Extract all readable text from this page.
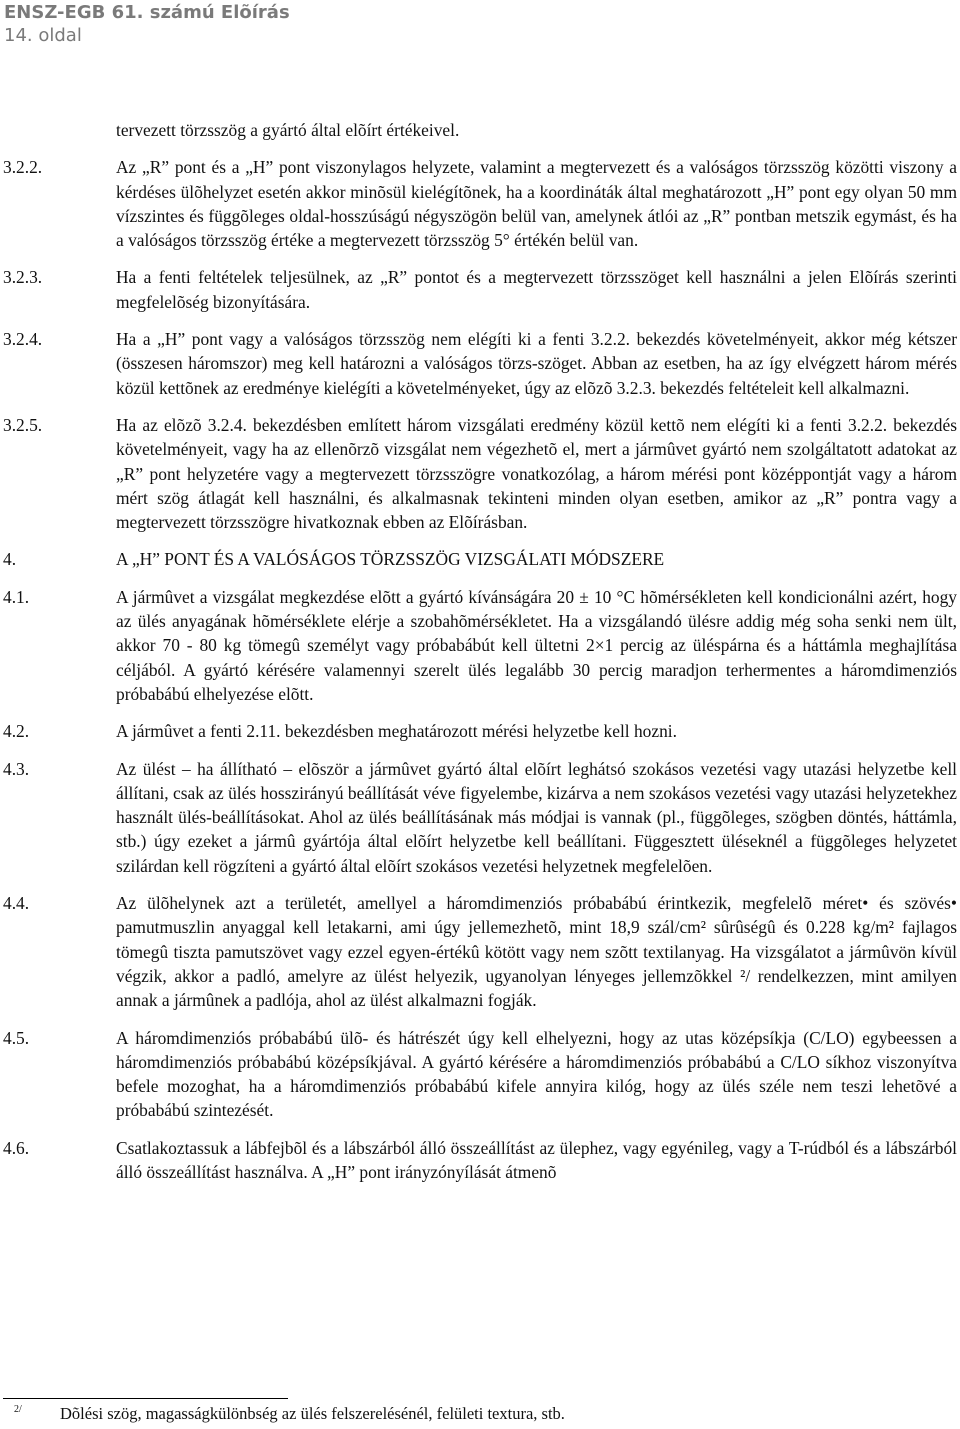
ENSZ-EGB 61. számú Elõírás
14. oldal
tervezett törzsszög a gyártó által elõírt értékeivel.
3.2.2.	Az „R” pont és a „H” pont viszonylagos helyzete, valamint a megtervezett és a valóságos törzsszög közötti viszony a kérdéses ülõhelyzet esetén akkor minõsül kielégítõnek, ha a koordináták által meghatározott „H” pont egy olyan 50 mm vízszintes és függõleges oldal-hosszúságú négyszögön belül van, amelynek átlói az „R” pontban metszik egymást, és ha a valóságos törzsszög értéke a megtervezett törzsszög 5° értékén belül van.
3.2.3.	Ha a fenti feltételek teljesülnek, az „R” pontot és a megtervezett törzsszöget kell használni a jelen Elõírás szerinti megfelelõség bizonyítására.
3.2.4.	Ha a „H” pont vagy a valóságos törzsszög nem elégíti ki a fenti 3.2.2. bekezdés követelményeit, akkor még kétszer (összesen háromszor) meg kell határozni a valóságos törzs-szöget. Abban az esetben, ha az így elvégzett három mérés közül kettõnek az eredménye kielégíti a követelményeket, úgy az elõzõ 3.2.3. bekezdés feltételeit kell alkalmazni.
3.2.5.	Ha az elõzõ 3.2.4. bekezdésben említett három vizsgálati eredmény közül kettõ nem elégíti ki a fenti 3.2.2. bekezdés követelményeit, vagy ha az ellenõrzõ vizsgálat nem végezhetõ el, mert a jármûvet gyártó nem szolgáltatott adatokat az „R” pont helyzetére vagy a megtervezett törzsszögre vonatkozólag, a három mérési pont középpontját vagy a három mért szög átlagát kell használni, és alkalmasnak tekinteni minden olyan esetben, amikor az „R” pontra vagy a megtervezett törzsszögre hivatkoznak ebben az Elõírásban.
4.	A „H” PONT ÉS A VALÓSÁGOS TÖRZSSZÖG VIZSGÁLATI MÓDSZERE
4.1.	A jármûvet a vizsgálat megkezdése elõtt a gyártó kívánságára 20 ± 10 °C hõmérsékleten kell kondicionálni azért, hogy az ülés anyagának hõmérséklete elérje a szobahõmérsékletet. Ha a vizsgálandó ülésre addig még soha senki nem ült, akkor 70 - 80 kg tömegû személyt vagy próbabábút kell ültetni 2×1 percig az üléspárna és a háttámla meghajlítása céljából. A gyártó kérésére valamennyi szerelt ülés legalább 30 percig maradjon terhermentes a háromdimenziós próbabábú elhelyezése elõtt.
4.2.	A jármûvet a fenti 2.11. bekezdésben meghatározott mérési helyzetbe kell hozni.
4.3.	Az ülést – ha állítható – elõször a jármûvet gyártó által elõírt leghátsó szokásos vezetési vagy utazási helyzetbe kell állítani, csak az ülés hosszirányú beállítását véve figyelembe, kizárva a nem szokásos vezetési vagy utazási helyzetekhez használt ülés-beállításokat. Ahol az ülés beállításának más módjai is vannak (pl., függõleges, szögben döntés, háttámla, stb.) úgy ezeket a jármû gyártója által elõírt helyzetbe kell beállítani. Függesztett üléseknél a függõleges helyzetet szilárdan kell rögzíteni a gyártó által elõírt szokásos vezetési helyzetnek megfelelõen.
4.4.	Az ülõhelynek azt a területét, amellyel a háromdimenziós próbabábú érintkezik, megfelelõ méret• és szövés• pamutmuszlin anyaggal kell letakarni, ami úgy jellemezhetõ, mint 18,9 szál/cm² sûrûségû és 0.228 kg/m² fajlagos tömegû tiszta pamutszövet vagy ezzel egyen-értékû kötött vagy nem szõtt textilanyag. Ha vizsgálatot a jármûvön kívül végzik, akkor a padló, amelyre az ülést helyezik, ugyanolyan lényeges jellemzõkkel ²/ rendelkezzen, mint amilyen annak a jármûnek a padlója, ahol az ülést alkalmazni fogják.
4.5.	A háromdimenziós próbabábú ülõ- és hátrészét úgy kell elhelyezni, hogy az utas középsíkja (C/LO) egybeessen a háromdimenziós próbabábú középsíkjával. A gyártó kérésére a háromdimenziós próbabábú a C/LO síkhoz viszonyítva befele mozoghat, ha a háromdimenziós próbabábú kifele annyira kilóg, hogy az ülés széle nem teszi lehetõvé a próbabábú szintezését.
4.6.	Csatlakoztassuk a lábfejbõl és a lábszárból álló összeállítást az ülephez, vagy egyénileg, vagy a T-rúdból és a lábszárból álló összeállítást használva. A „H” pont irányzónyílását átmenõ
2/	Dõlési szög, magasságkülönbség az ülés felszerelésénél, felületi textura, stb.
